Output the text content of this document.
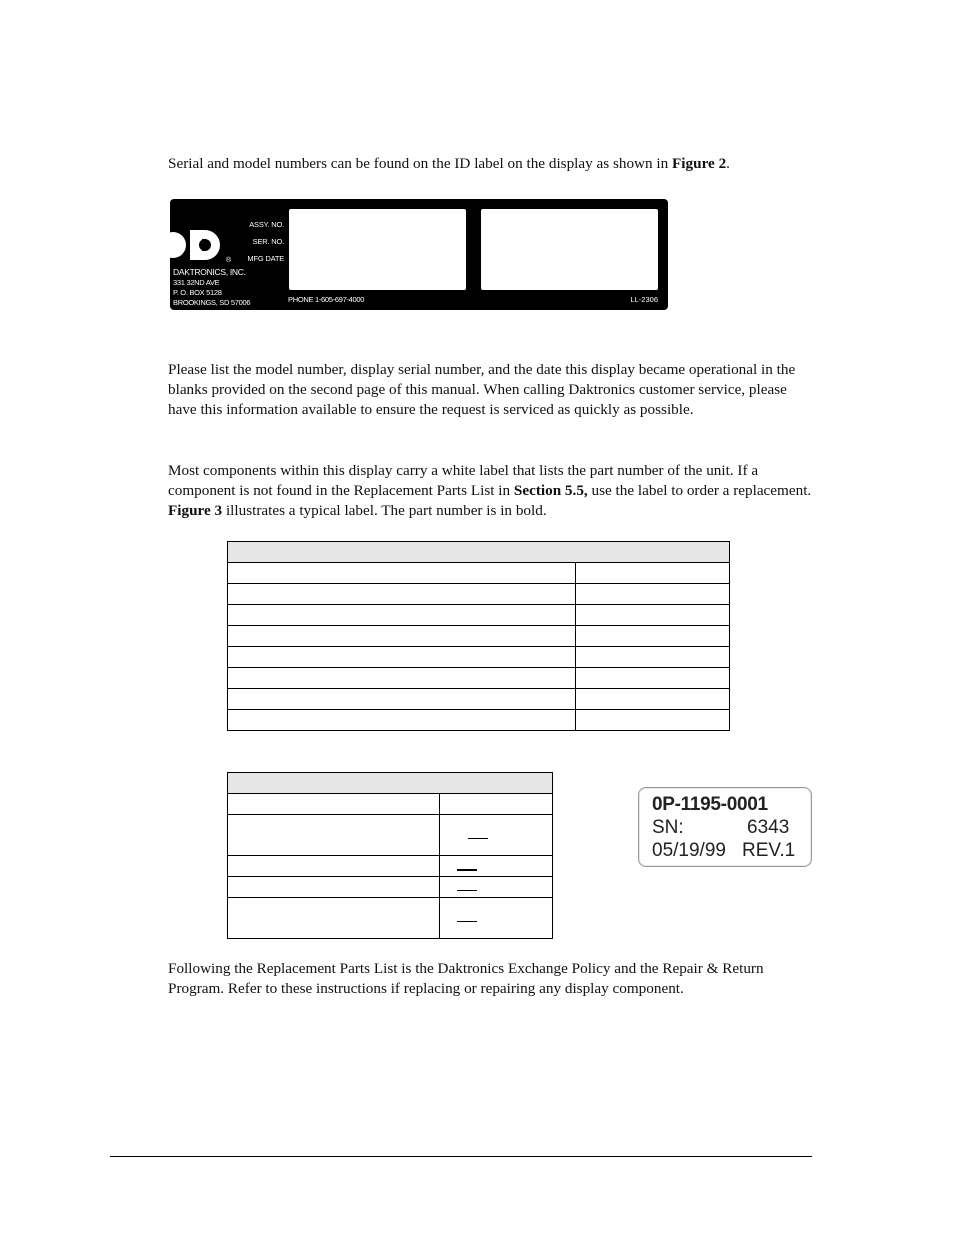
Serial and model numbers can be found on the ID label on the display as shown in Figure 2.

®
ASSY. NO.
SER. NO.
MFG DATE
DAKTRONICS, INC.
331 32ND AVE
P. O. BOX 5128
BROOKINGS, SD 57006	PHONE 1-605-697-4000	LL-2306

Please list the model number, display serial number, and the date this display became operational in the blanks provided on the second page of this manual. When calling Daktronics customer service, please have this information available to ensure the request is serviced as quickly as possible.

Most components within this display carry a white label that lists the part number of the unit. If a component is not found in the Replacement Parts List in Section 5.5, use the label to order a replacement. Figure 3 illustrates a typical label. The part number is in bold.

0P-1195-0001
SN:	6343
05/19/99 REV.1

Following the Replacement Parts List is the Daktronics Exchange Policy and the Repair & Return Program. Refer to these instructions if replacing or repairing any display component.
